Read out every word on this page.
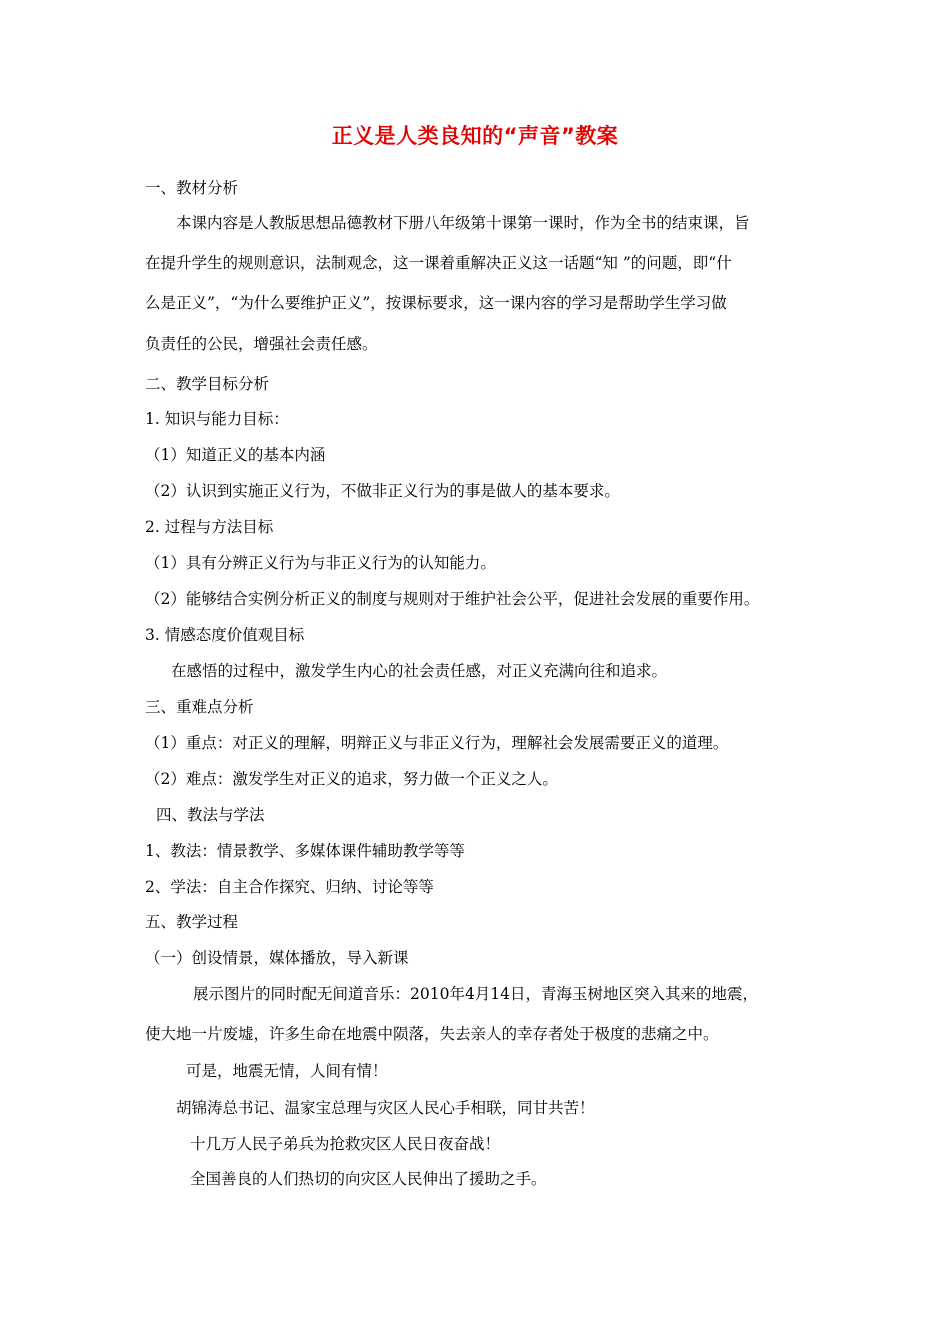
正义是人类良知的“声音”教案
一、教材分析
本课内容是人教版思想品德教材下册八年级第十课第一课时，作为全书的结束课，旨
在提升学生的规则意识，法制观念，这一课着重解决正义这一话题“知 ”的问题，即“什
么是正义”，“为什么要维护正义”，按课标要求，这一课内容的学习是帮助学生学习做
负责任的公民，增强社会责任感。
二、教学目标分析
1. 知识与能力目标：
（1）知道正义的基本内涵
（2）认识到实施正义行为，不做非正义行为的事是做人的基本要求。
2. 过程与方法目标
（1）具有分辨正义行为与非正义行为的认知能力。
（2）能够结合实例分析正义的制度与规则对于维护社会公平，促进社会发展的重要作用。
3. 情感态度价值观目标
在感悟的过程中，激发学生内心的社会责任感，对正义充满向往和追求。
三、重难点分析
（1）重点：对正义的理解，明辩正义与非正义行为，理解社会发展需要正义的道理。
（2）难点：激发学生对正义的追求，努力做一个正义之人。
四、教法与学法
1、教法：情景教学、多媒体课件辅助教学等等
2、学法：自主合作探究、归纳、讨论等等
五、教学过程
（一）创设情景，媒体播放，导入新课
展示图片的同时配无间道音乐：2010年4月14日，青海玉树地区突入其来的地震，
使大地一片废墟，许多生命在地震中陨落，失去亲人的幸存者处于极度的悲痛之中。
可是，地震无情，人间有情！
胡锦涛总书记、温家宝总理与灾区人民心手相联，同甘共苦！
十几万人民子弟兵为抢救灾区人民日夜奋战！
全国善良的人们热切的向灾区人民伸出了援助之手。
